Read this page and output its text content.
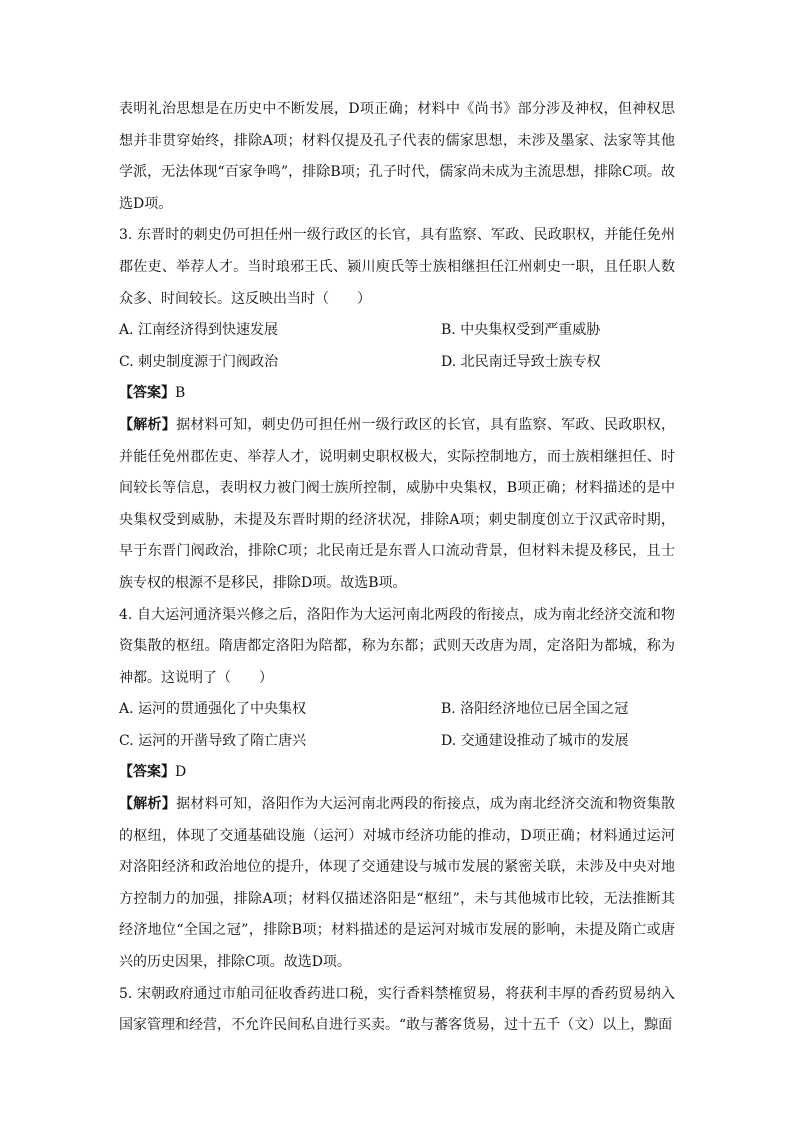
表明礼治思想是在历史中不断发展，D项正确；材料中《尚书》部分涉及神权，但神权思想并非贯穿始终，排除A项；材料仅提及孔子代表的儒家思想，未涉及墨家、法家等其他学派，无法体现“百家争鸣”，排除B项；孔子时代，儒家尚未成为主流思想，排除C项。故选D项。

3. 东晋时的刺史仍可担任州一级行政区的长官，具有监察、军政、民政职权，并能任免州郡佐吏、举荐人才。当时琅邪王氏、颍川庾氏等士族相继担任江州刺史一职，且任职人数众多、时间较长。这反映出当时（　　）

A. 江南经济得到快速发展	B. 中央集权受到严重威胁
C. 刺史制度源于门阀政治	D. 北民南迁导致士族专权

【答案】B

【解析】据材料可知，刺史仍可担任州一级行政区的长官，具有监察、军政、民政职权，并能任免州郡佐吏、举荐人才，说明刺史职权极大，实际控制地方，而士族相继担任、时间较长等信息，表明权力被门阀士族所控制，威胁中央集权，B项正确；材料描述的是中央集权受到威胁，未提及东晋时期的经济状况，排除A项；刺史制度创立于汉武帝时期，早于东晋门阀政治，排除C项；北民南迁是东晋人口流动背景，但材料未提及移民，且士族专权的根源不是移民，排除D项。故选B项。

4. 自大运河通济渠兴修之后，洛阳作为大运河南北两段的衔接点，成为南北经济交流和物资集散的枢纽。隋唐都定洛阳为陪都，称为东都；武则天改唐为周，定洛阳为都城，称为神都。这说明了（　　）

A. 运河的贯通强化了中央集权	B. 洛阳经济地位已居全国之冠
C. 运河的开凿导致了隋亡唐兴	D. 交通建设推动了城市的发展

【答案】D

【解析】据材料可知，洛阳作为大运河南北两段的衔接点，成为南北经济交流和物资集散的枢纽，体现了交通基础设施（运河）对城市经济功能的推动，D项正确；材料通过运河对洛阳经济和政治地位的提升，体现了交通建设与城市发展的紧密关联，未涉及中央对地方控制力的加强，排除A项；材料仅描述洛阳是“枢纽”，未与其他城市比较，无法推断其经济地位“全国之冠”，排除B项；材料描述的是运河对城市发展的影响，未提及隋亡或唐兴的历史因果，排除C项。故选D项。

5. 宋朝政府通过市舶司征收香药进口税，实行香料禁榷贸易，将获利丰厚的香药贸易纳入国家管理和经营，不允许民间私自进行买卖。“敢与蕃客货易，过十五千（文）以上，黥面
